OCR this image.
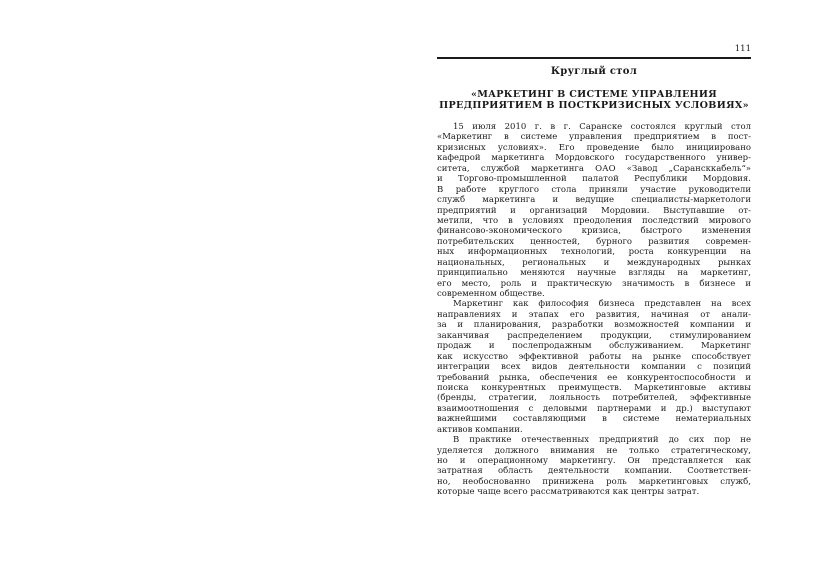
111
Круглый стол
«МАРКЕТИНГ В СИСТЕМЕ УПРАВЛЕНИЯ
ПРЕДПРИЯТИЕМ В ПОСТКРИЗИСНЫХ УСЛОВИЯХ»
15 июля 2010 г. в г. Саранске состоялся круглый стол
«Маркетинг в системе управления предприятием в пост-
кризисных условиях». Его проведение было инициировано
кафедрой маркетинга Мордовского государственного универ-
ситета, службой маркетинга ОАО «Завод „Сарансккабель“»
и Торгово-промышленной палатой Республики Мордовия.
В работе круглого стола приняли участие руководители
служб маркетинга и ведущие специалисты-маркетологи
предприятий и организаций Мордовии. Выступавшие от-
метили, что в условиях преодоления последствий мирового
финансово-экономического кризиса, быстрого изменения
потребительских ценностей, бурного развития современ-
ных информационных технологий, роста конкуренции на
национальных, региональных и международных рынках
принципиально меняются научные взгляды на маркетинг,
его место, роль и практическую значимость в бизнесе и
современном обществе.
Маркетинг как философия бизнеса представлен на всех
направлениях и этапах его развития, начиная от анали-
за и планирования, разработки возможностей компании и
заканчивая распределением продукции, стимулированием
продаж и послепродажным обслуживанием. Маркетинг
как искусство эффективной работы на рынке способствует
интеграции всех видов деятельности компании с позиций
требований рынка, обеспечения ее конкурентоспособности и
поиска конкурентных преимуществ. Маркетинговые активы
(бренды, стратегии, лояльность потребителей, эффективные
взаимоотношения с деловыми партнерами и др.) выступают
важнейшими составляющими в системе нематериальных
активов компании.
В практике отечественных предприятий до сих пор не
уделяется должного внимания не только стратегическому,
но и операционному маркетингу. Он представляется как
затратная область деятельности компании. Соответствен-
но, необоснованно принижена роль маркетинговых служб,
которые чаще всего рассматриваются как центры затрат.
